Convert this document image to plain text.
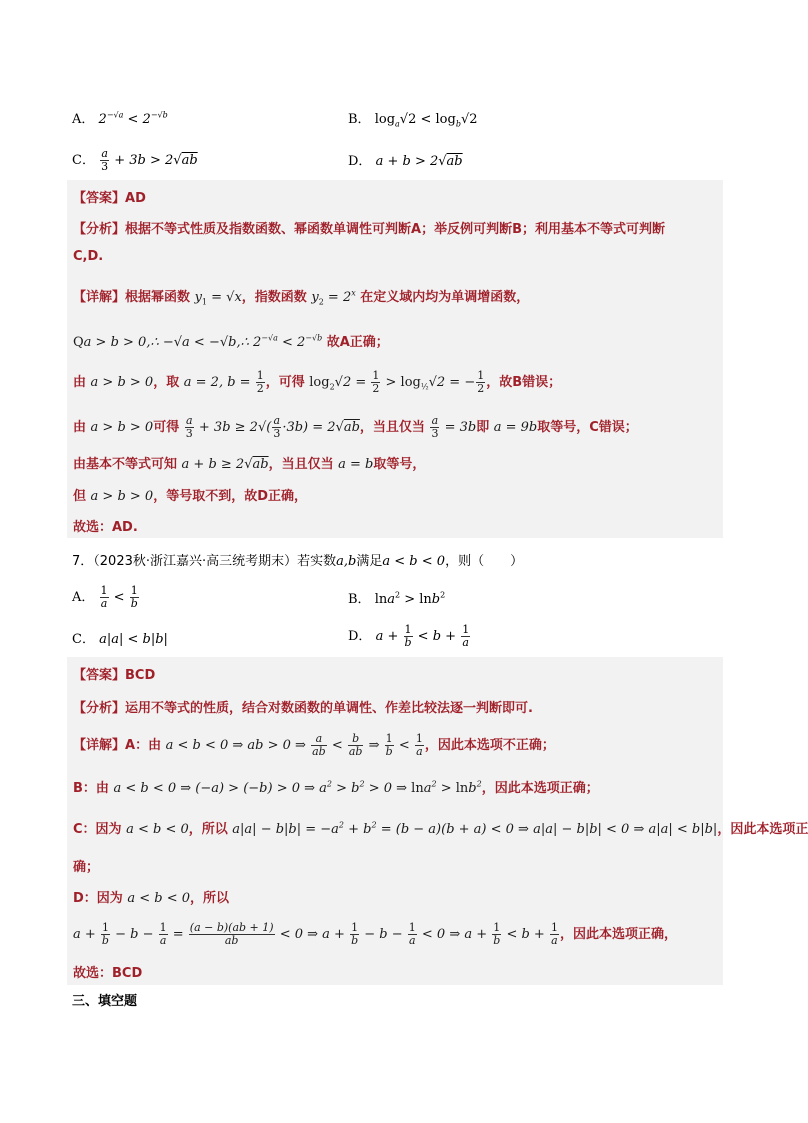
A． $2^{-√a} < 2^{-√b}$	B． $\log_a√2 < \log_b√2$
C． $\frac{a}{3} + 3b > 2√ab$	D． a + b > 2√ab
【答案】AD
【分析】根据不等式性质及指数函数、幂函数单调性可判断A；举反例可判断B；利用基本不等式可判断
C,D.
【详解】根据幂函数 $y_1 = √x$，指数函数 $y_2 = 2^x$ 在定义域内均为单调增函数，
Qa > b > 0,∴ −√a < −√b,∴ $2^{-√a} < 2^{-√b}$ 故A正确；
由 a > b > 0，取 a = 2, $b = \frac{1}{2}$ ，可得 $\log_2√2 = \frac{1}{2} > \log_{\frac{1}{2}}√2$ = − $\frac{1}{2}$ ，故B错误；
由 a > b > 0可得 $\frac{a}{3} + 3b \ge 2√( \frac{a}{3} \cdot 3b) = 2√ab$，当且仅当 $\frac{a}{3} = 3b$即 a = 9b取等号，C错误；
由基本不等式可知 a + b ≥ 2√ab，当且仅当 a = b取等号，
但 a > b > 0，等号取不到，故D正确，
故选：AD.
7．（2023秋·浙江嘉兴·高三统考期末）若实数a,b满足a < b < 0，则（　　）
A． $\frac{1}{a} < \frac{1}{b}$	B． lna$^2$ > lnb$^2$
C． a|a| < b|b|	D． $a + \frac{1}{b} < b + \frac{1}{a}$
【答案】BCD
【分析】运用不等式的性质，结合对数函数的单调性、作差比较法逐一判断即可.
【详解】A：由 a < b < 0 ⇒ ab > 0 ⇒ $\frac{a}{ab} < \frac{b}{ab}$ ⇒ $\frac{1}{b} < \frac{1}{a}$ ，因此本选项不正确；
B：由 a < b < 0 ⇒ (−a) > (−b) > 0 ⇒ $a^2 > b^2 > 0$ ⇒ lna$^2$ > lnb$^2$，因此本选项正确；
C：因为 a < b < 0，所以 $a|a| - b|b| = -a^2 + b^2 = (b - a)(b + a) < 0$ ⇒ a|a| − b|b| < 0 ⇒ a|a| < b|b|，因此本选项正
确；
D：因为 a < b < 0，所以
$a + \frac{1}{b} - b - \frac{1}{a} = \frac{(a - b)(ab + 1)}{ab} < 0$ ⇒ $a + \frac{1}{b} - b - \frac{1}{a} < 0$ ⇒ $a + \frac{1}{b} < b + \frac{1}{a}$ ，因此本选项正确，
故选：BCD
三、填空题
